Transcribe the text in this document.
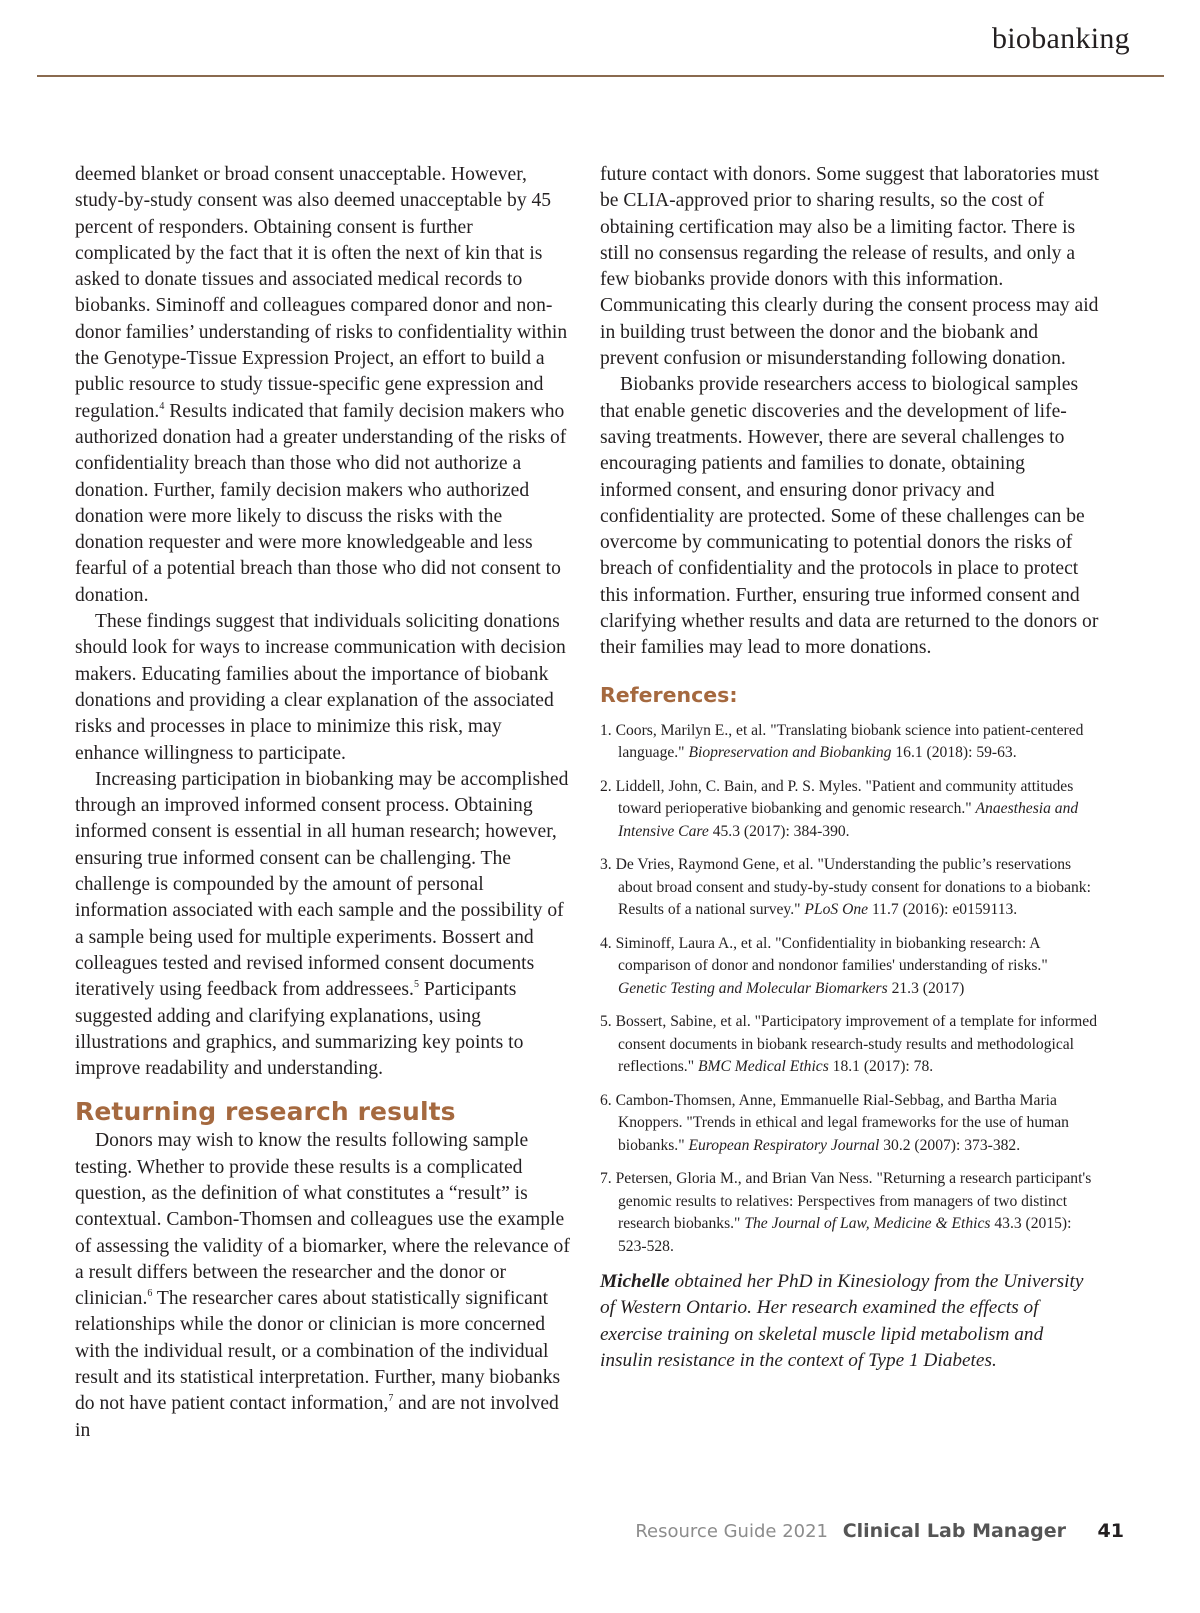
biobanking

deemed blanket or broad consent unacceptable. However, study-by-study consent was also deemed unacceptable by 45 percent of responders. Obtaining consent is further complicated by the fact that it is often the next of kin that is asked to donate tissues and associated medical records to biobanks. Siminoff and colleagues compared donor and non-donor families’ understanding of risks to confidentiality within the Genotype-Tissue Expression Project, an effort to build a public resource to study tissue-specific gene expression and regulation.$^4$ Results indicated that family decision makers who authorized donation had a greater understanding of the risks of confidentiality breach than those who did not authorize a donation. Further, family decision makers who authorized donation were more likely to discuss the risks with the donation requester and were more knowledgeable and less fearful of a potential breach than those who did not consent to donation.

These findings suggest that individuals soliciting donations should look for ways to increase communication with decision makers. Educating families about the importance of biobank donations and providing a clear explanation of the associated risks and processes in place to minimize this risk, may enhance willingness to participate.

Increasing participation in biobanking may be accomplished through an improved informed consent process. Obtaining informed consent is essential in all human research; however, ensuring true informed consent can be challenging. The challenge is compounded by the amount of personal information associated with each sample and the possibility of a sample being used for multiple experiments. Bossert and colleagues tested and revised informed consent documents iteratively using feedback from addressees.$^5$ Participants suggested adding and clarifying explanations, using illustrations and graphics, and summarizing key points to improve readability and understanding.

Returning research results

Donors may wish to know the results following sample testing. Whether to provide these results is a complicated question, as the definition of what constitutes a “result” is contextual. Cambon-Thomsen and colleagues use the example of assessing the validity of a biomarker, where the relevance of a result differs between the researcher and the donor or clinician.$^6$ The researcher cares about statistically significant relationships while the donor or clinician is more concerned with the individual result, or a combination of the individual result and its statistical interpretation. Further, many biobanks do not have patient contact information,$^7$ and are not involved in

future contact with donors. Some suggest that laboratories must be CLIA-approved prior to sharing results, so the cost of obtaining certification may also be a limiting factor. There is still no consensus regarding the release of results, and only a few biobanks provide donors with this information. Communicating this clearly during the consent process may aid in building trust between the donor and the biobank and prevent confusion or misunderstanding following donation.

Biobanks provide researchers access to biological samples that enable genetic discoveries and the development of life-saving treatments. However, there are several challenges to encouraging patients and families to donate, obtaining informed consent, and ensuring donor privacy and confidentiality are protected. Some of these challenges can be overcome by communicating to potential donors the risks of breach of confidentiality and the protocols in place to protect this information. Further, ensuring true informed consent and clarifying whether results and data are returned to the donors or their families may lead to more donations.

References:
1. Coors, Marilyn E., et al. "Translating biobank science into patient-centered language." Biopreservation and Biobanking 16.1 (2018): 59-63.
2. Liddell, John, C. Bain, and P. S. Myles. "Patient and community attitudes toward perioperative biobanking and genomic research." Anaesthesia and Intensive Care 45.3 (2017): 384-390.
3. De Vries, Raymond Gene, et al. "Understanding the public’s reservations about broad consent and study-by-study consent for donations to a biobank: Results of a national survey." PLoS One 11.7 (2016): e0159113.
4. Siminoff, Laura A., et al. "Confidentiality in biobanking research: A comparison of donor and nondonor families' understanding of risks." Genetic Testing and Molecular Biomarkers 21.3 (2017)
5. Bossert, Sabine, et al. "Participatory improvement of a template for informed consent documents in biobank research-study results and methodological reflections." BMC Medical Ethics 18.1 (2017): 78.
6. Cambon-Thomsen, Anne, Emmanuelle Rial-Sebbag, and Bartha Maria Knoppers. "Trends in ethical and legal frameworks for the use of human biobanks." European Respiratory Journal 30.2 (2007): 373-382.
7. Petersen, Gloria M., and Brian Van Ness. "Returning a research participant's genomic results to relatives: Perspectives from managers of two distinct research biobanks." The Journal of Law, Medicine & Ethics 43.3 (2015): 523-528.

Michelle obtained her PhD in Kinesiology from the University of Western Ontario. Her research examined the effects of exercise training on skeletal muscle lipid metabolism and insulin resistance in the context of Type 1 Diabetes.

Resource Guide 2021 Clinical Lab Manager 41
